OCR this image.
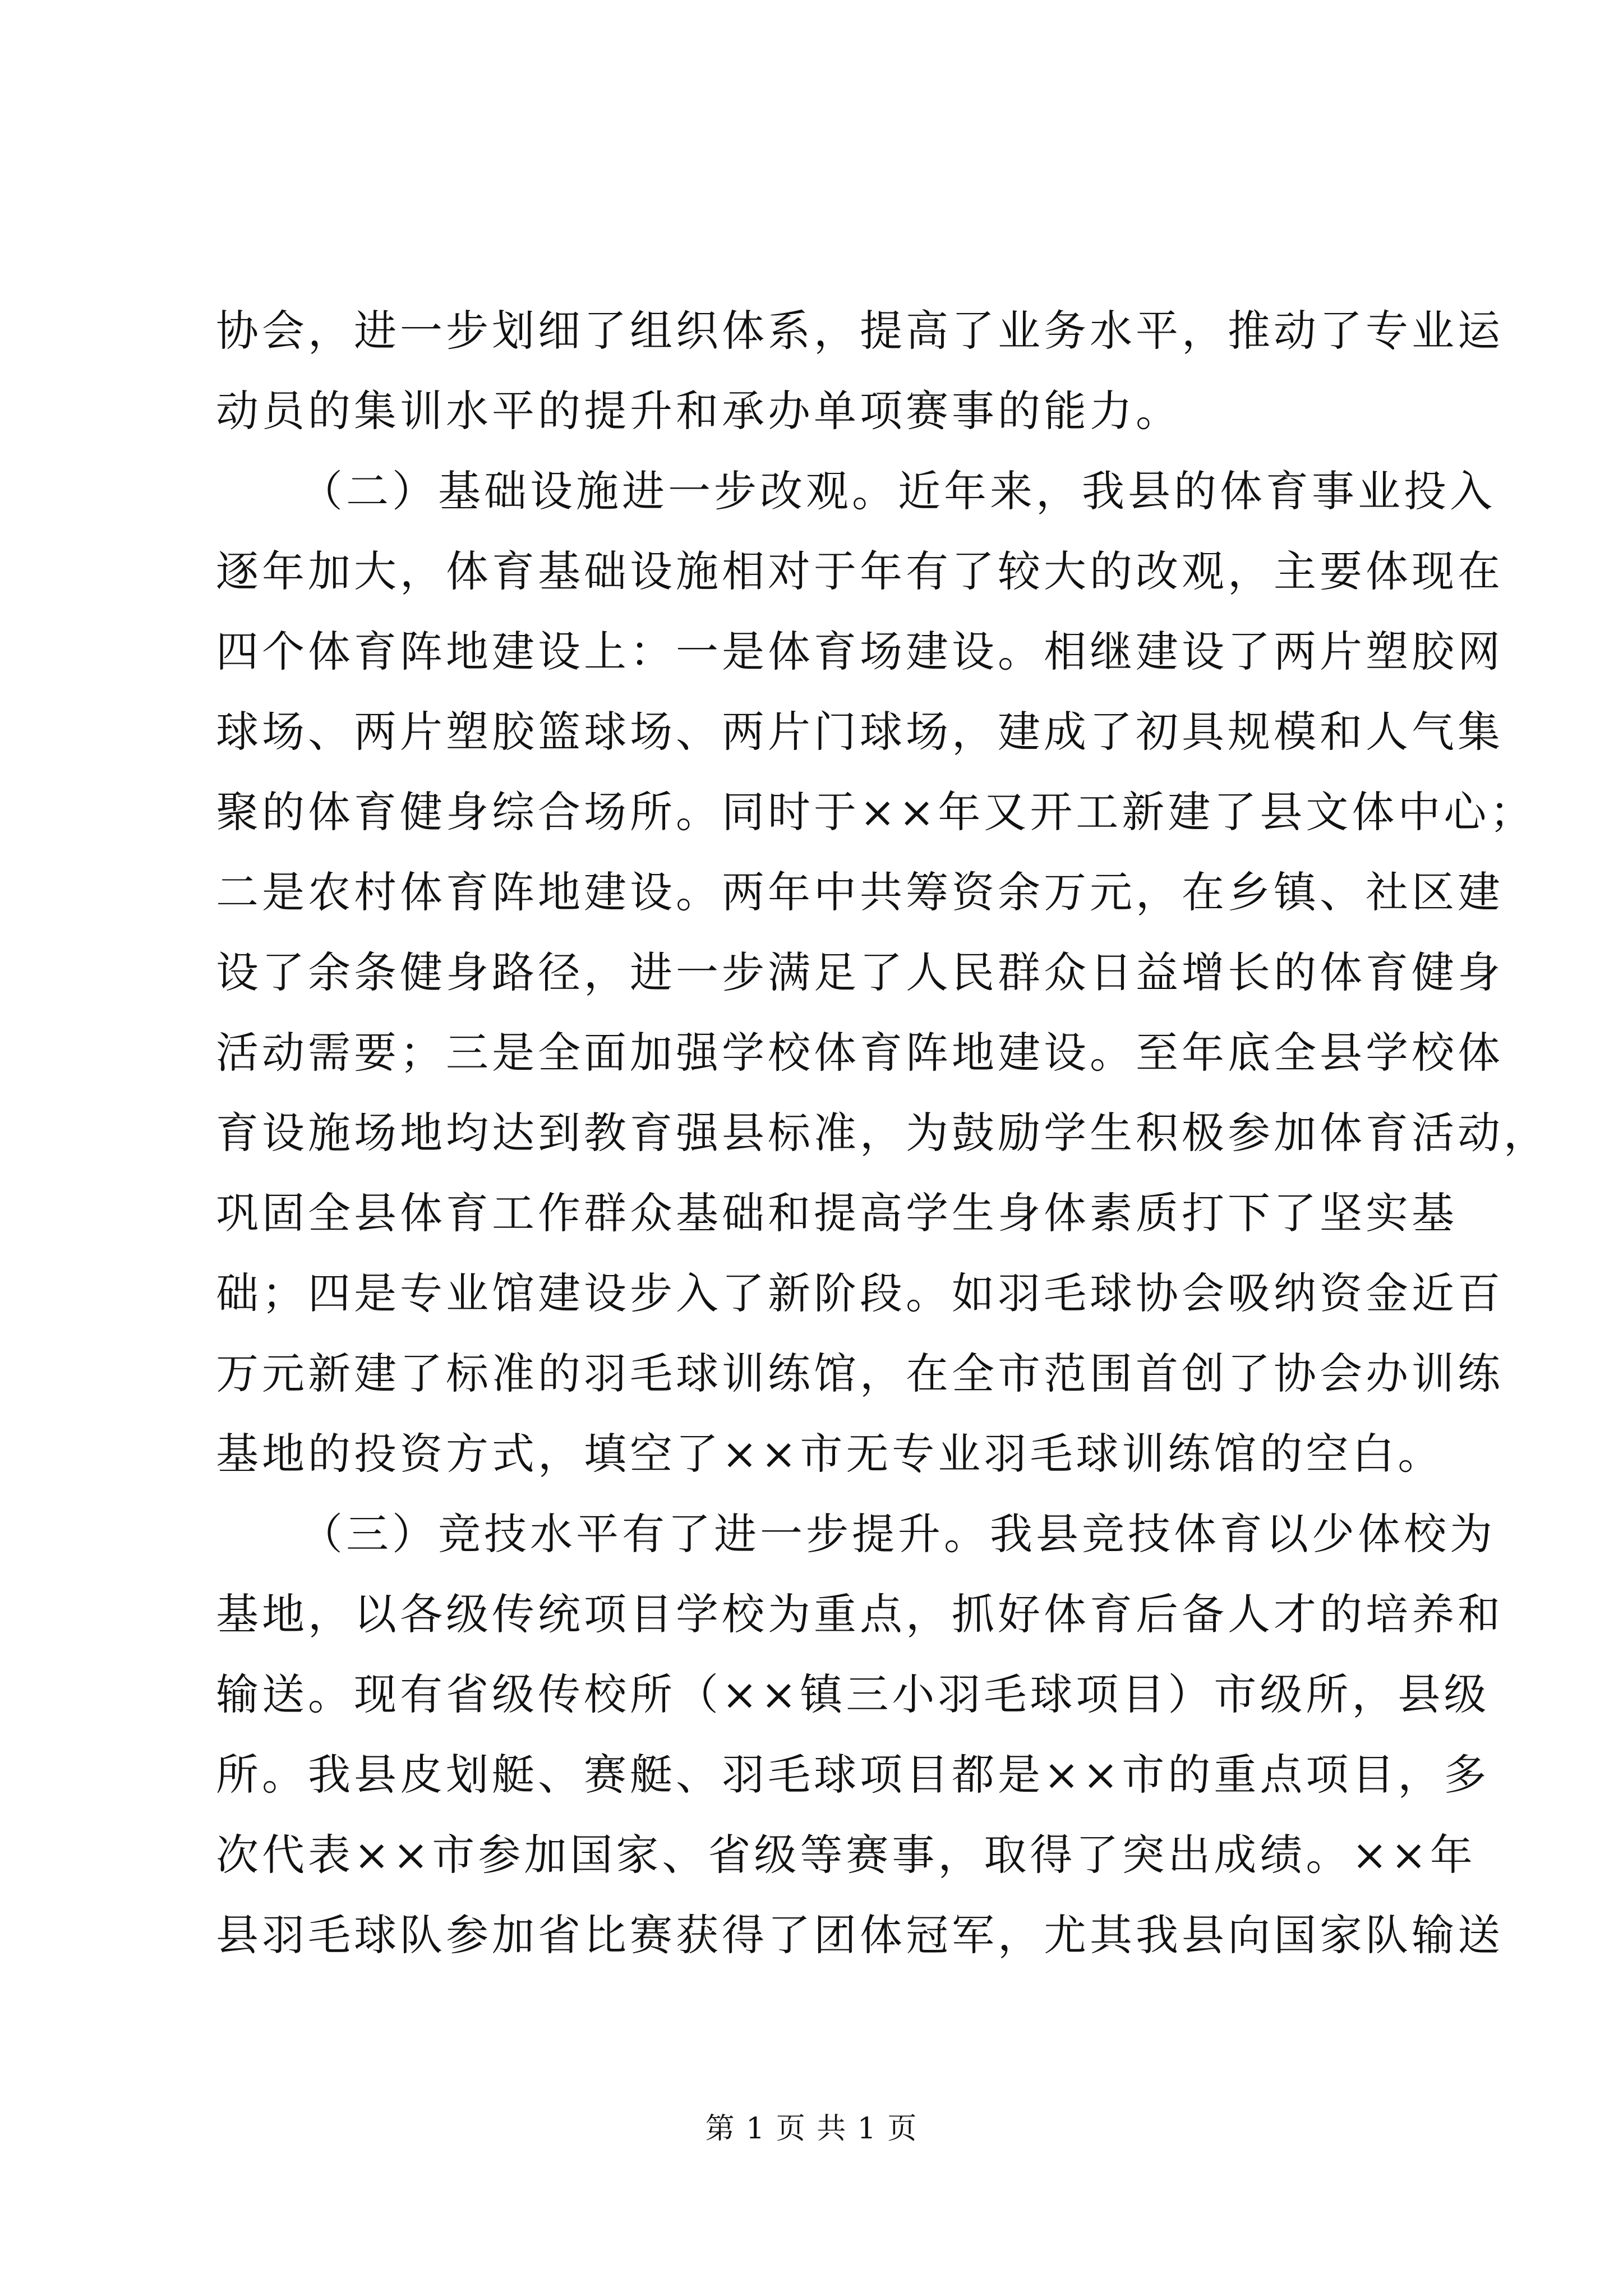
协会，进一步划细了组织体系，提高了业务水平，推动了专业运
动员的集训水平的提升和承办单项赛事的能力。
（二）基础设施进一步改观。近年来，我县的体育事业投入
逐年加大，体育基础设施相对于年有了较大的改观，主要体现在
四个体育阵地建设上：一是体育场建设。相继建设了两片塑胶网
球场、两片塑胶篮球场、两片门球场，建成了初具规模和人气集
聚的体育健身综合场所。同时于××年又开工新建了县文体中心；
二是农村体育阵地建设。两年中共筹资余万元，在乡镇、社区建
设了余条健身路径，进一步满足了人民群众日益增长的体育健身
活动需要；三是全面加强学校体育阵地建设。至年底全县学校体
育设施场地均达到教育强县标准，为鼓励学生积极参加体育活动，
巩固全县体育工作群众基础和提高学生身体素质打下了坚实基
础；四是专业馆建设步入了新阶段。如羽毛球协会吸纳资金近百
万元新建了标准的羽毛球训练馆，在全市范围首创了协会办训练
基地的投资方式，填空了××市无专业羽毛球训练馆的空白。
（三）竞技水平有了进一步提升。我县竞技体育以少体校为
基地，以各级传统项目学校为重点，抓好体育后备人才的培养和
输送。现有省级传校所（××镇三小羽毛球项目）市级所，县级
所。我县皮划艇、赛艇、羽毛球项目都是××市的重点项目，多
次代表××市参加国家、省级等赛事，取得了突出成绩。××年
县羽毛球队参加省比赛获得了团体冠军，尤其我县向国家队输送
第 1 页 共 1 页
